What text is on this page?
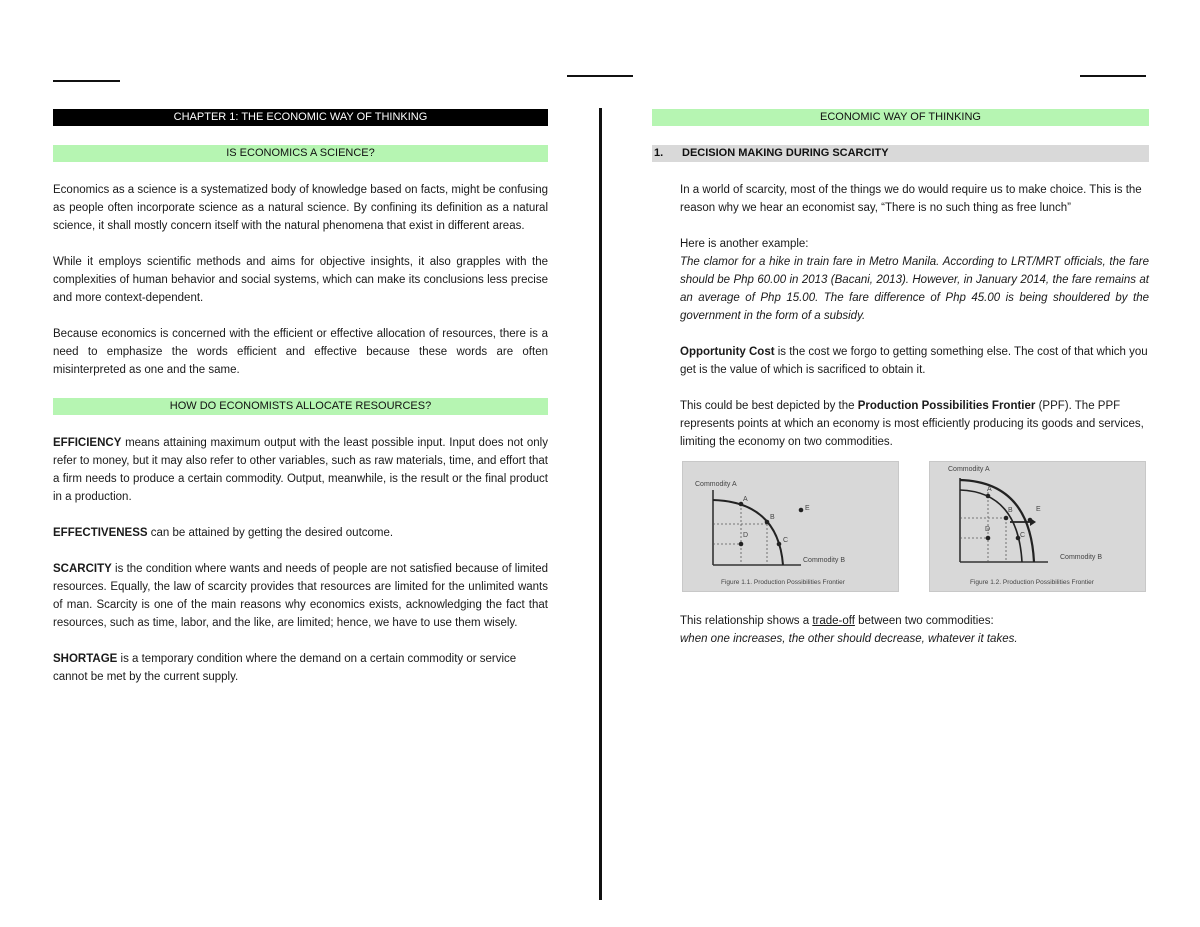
CHAPTER 1: THE ECONOMIC WAY OF THINKING
IS ECONOMICS A SCIENCE?

Economics as a science is a systematized body of knowledge based on facts, might be confusing as people often incorporate science as a natural science. By confining its definition as a natural science, it shall mostly concern itself with the natural phenomena that exist in different areas.

While it employs scientific methods and aims for objective insights, it also grapples with the complexities of human behavior and social systems, which can make its conclusions less precise and more context-dependent.

Because economics is concerned with the efficient or effective allocation of resources, there is a need to emphasize the words efficient and effective because these words are often misinterpreted as one and the same.

HOW DO ECONOMISTS ALLOCATE RESOURCES?

EFFICIENCY means attaining maximum output with the least possible input. Input does not only refer to money, but it may also refer to other variables, such as raw materials, time, and effort that a firm needs to produce a certain commodity. Output, meanwhile, is the result or the final product in a production.

EFFECTIVENESS can be attained by getting the desired outcome.

SCARCITY is the condition where wants and needs of people are not satisfied because of limited resources. Equally, the law of scarcity provides that resources are limited for the unlimited wants of man. Scarcity is one of the main reasons why economics exists, acknowledging the fact that resources, such as time, labor, and the like, are limited; hence, we have to use them wisely.

SHORTAGE is a temporary condition where the demand on a certain commodity or service cannot be met by the current supply.

ECONOMIC WAY OF THINKING
1. DECISION MAKING DURING SCARCITY

In a world of scarcity, most of the things we do would require us to make choice. This is the reason why we hear an economist say, “There is no such thing as free lunch”

Here is another example:

The clamor for a hike in train fare in Metro Manila. According to LRT/MRT officials, the fare should be Php 60.00 in 2013 (Bacani, 2013). However, in January 2014, the fare remains at an average of Php 15.00. The fare difference of Php 45.00 is being shouldered by the government in the form of a subsidy.

Opportunity Cost is the cost we forgo to getting something else. The cost of that which you get is the value of which is sacrificed to obtain it.

This could be best depicted by the Production Possibilities Frontier (PPF). The PPF represents points at which an economy is most efficiently producing its goods and services, limiting the economy on two commodities.

Commodity A
Commodity B
A
B
C
D
E
Figure 1.1. Production Possibilities Frontier
Commodity A
Commodity B
A
B
C
D
E
Figure 1.2. Production Possibilities Frontier

This relationship shows a trade-off between two commodities:

when one increases, the other should decrease, whatever it takes.
